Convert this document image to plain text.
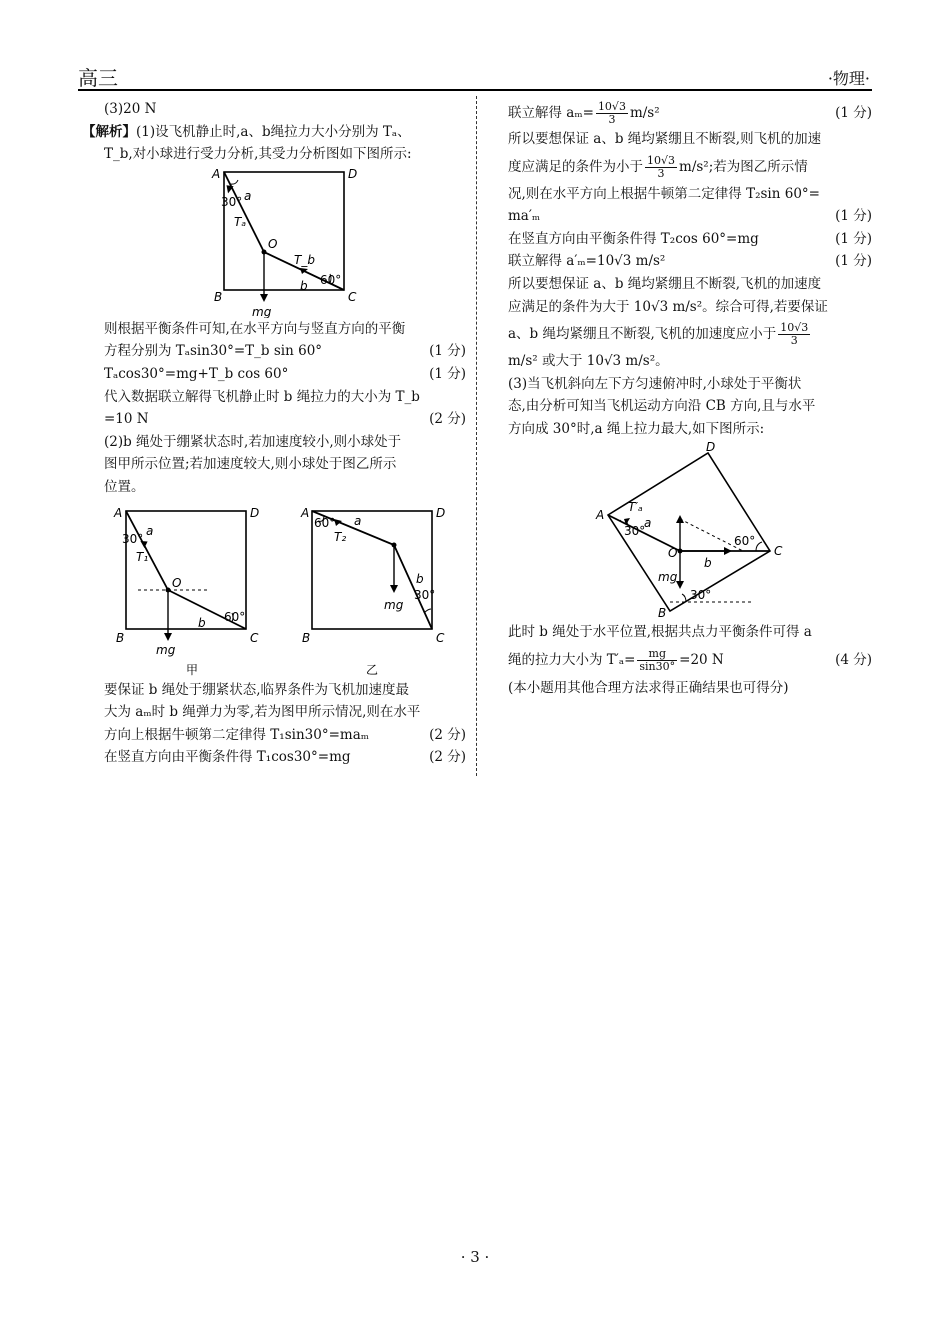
高三	·物理·
(3)20 N
【解析】(1)设飞机静止时,a、b绳拉力大小分别为 Tₐ、
T_b,对小球进行受力分析,其受力分析图如下图所示:
A	D
B	C
O
a
b
Tₐ
T_b
mg
30°
60°
则根据平衡条件可知,在水平方向与竖直方向的平衡
方程分别为 Tₐsin30°=T_b sin 60°	(1 分)
Tₐcos30°=mg+T_b cos 60°	(1 分)
代入数据联立解得飞机静止时 b 绳拉力的大小为 T_b
=10 N	(2 分)
(2)b 绳处于绷紧状态时,若加速度较小,则小球处于
图甲所示位置;若加速度较大,则小球处于图乙所示
位置。
A	D
B	C
O
a
b
T₁
mg
30°
60°
甲
A	D
B	C
a
b
T₂
mg
60°
30°
乙
要保证 b 绳处于绷紧状态,临界条件为飞机加速度最
大为 aₘ时 b 绳弹力为零,若为图甲所示情况,则在水平
方向上根据牛顿第二定律得 T₁sin30°=maₘ	(2 分)
在竖直方向由平衡条件得 T₁cos30°=mg	(2 分)
联立解得 $a_m= \frac{10√3}{3} m/s^2$	(1 分)
所以要想保证 a、b 绳均紧绷且不断裂,则飞机的加速
度应满足的条件为小于 $\frac{10√3}{3} m/s^2$;若为图乙所示情
况,则在水平方向上根据牛顿第二定律得 T₂sin 60°=
ma′ₘ	(1 分)
在竖直方向由平衡条件得 T₂cos 60°=mg	(1 分)
联立解得 a′ₘ=10√3 m/s²	(1 分)
所以要想保证 a、b 绳均紧绷且不断裂,飞机的加速度
应满足的条件为大于 10√3 m/s²。综合可得,若要保证
a、b 绳均紧绷且不断裂,飞机的加速度应小于 $\frac{10√3}{3}$
m/s² 或大于 10√3 m/s²。
(3)当飞机斜向左下方匀速俯冲时,小球处于平衡状
态,由分析可知当飞机运动方向沿 CB 方向,且与水平
方向成 30°时,a 绳上拉力最大,如下图所示:
A
D
B
C
O
a
b
T′ₐ
mg
30°
60°
30°
此时 b 绳处于水平位置,根据共点力平衡条件可得 a
绳的拉力大小为 $T'_a= \frac{mg}{\sin 30^\circ} =20$ N	(4 分)
(本小题用其他合理方法求得正确结果也可得分)
· 3 ·
